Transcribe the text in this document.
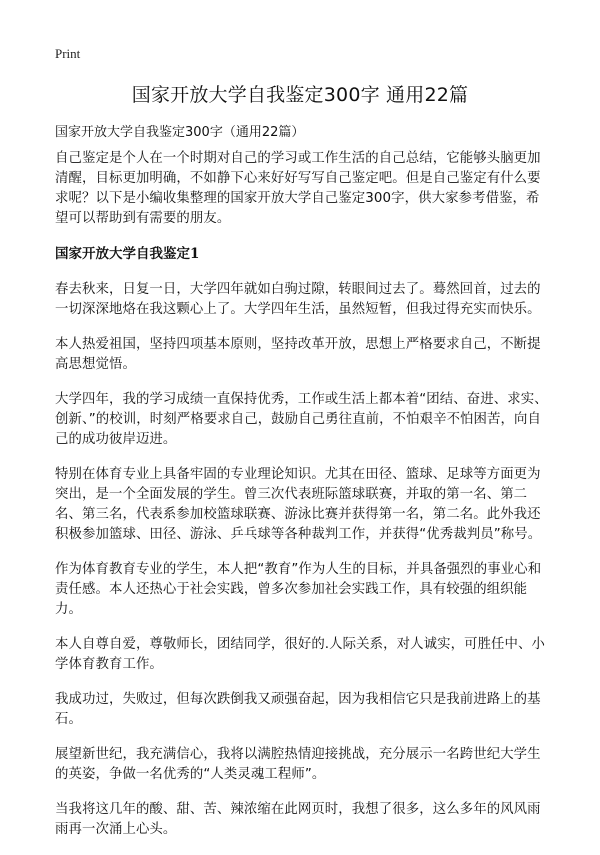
Print
国家开放大学自我鉴定300字 通用22篇

国家开放大学自我鉴定300字（通用22篇）

自己鉴定是个人在一个时期对自己的学习或工作生活的自己总结，它能够头脑更加清醒，目标更加明确，不如静下心来好好写写自己鉴定吧。但是自己鉴定有什么要求呢？以下是小编收集整理的国家开放大学自己鉴定300字，供大家参考借鉴，希望可以帮助到有需要的朋友。

国家开放大学自我鉴定1

春去秋来，日复一日，大学四年就如白驹过隙，转眼间过去了。蓦然回首，过去的一切深深地烙在我这颗心上了。大学四年生活，虽然短暂，但我过得充实而快乐。

本人热爱祖国，坚持四项基本原则，坚持改革开放，思想上严格要求自己，不断提高思想觉悟。

大学四年，我的学习成绩一直保持优秀，工作或生活上都本着“团结、奋进、求实、创新、”的校训，时刻严格要求自己，鼓励自己勇往直前，不怕艰辛不怕困苦，向自己的成功彼岸迈进。

特别在体育专业上具备牢固的专业理论知识。尤其在田径、篮球、足球等方面更为突出，是一个全面发展的学生。曾三次代表班际篮球联赛，并取的第一名、第二名、第三名，代表系参加校篮球联赛、游泳比赛并获得第一名，第二名。此外我还积极参加篮球、田径、游泳、乒乓球等各种裁判工作，并获得“优秀裁判员”称号。

作为体育教育专业的学生，本人把“教育”作为人生的目标，并具备强烈的事业心和责任感。本人还热心于社会实践，曾多次参加社会实践工作，具有较强的组织能力。

本人自尊自爱，尊敬师长，团结同学，很好的.人际关系，对人诚实，可胜任中、小学体育教育工作。

我成功过，失败过，但每次跌倒我又顽强奋起，因为我相信它只是我前进路上的基石。

展望新世纪，我充满信心，我将以满腔热情迎接挑战，充分展示一名跨世纪大学生的英姿，争做一名优秀的“人类灵魂工程师”。

当我将这几年的酸、甜、苦、辣浓缩在此网页时，我想了很多，这么多年的风风雨雨再一次涌上心头。
